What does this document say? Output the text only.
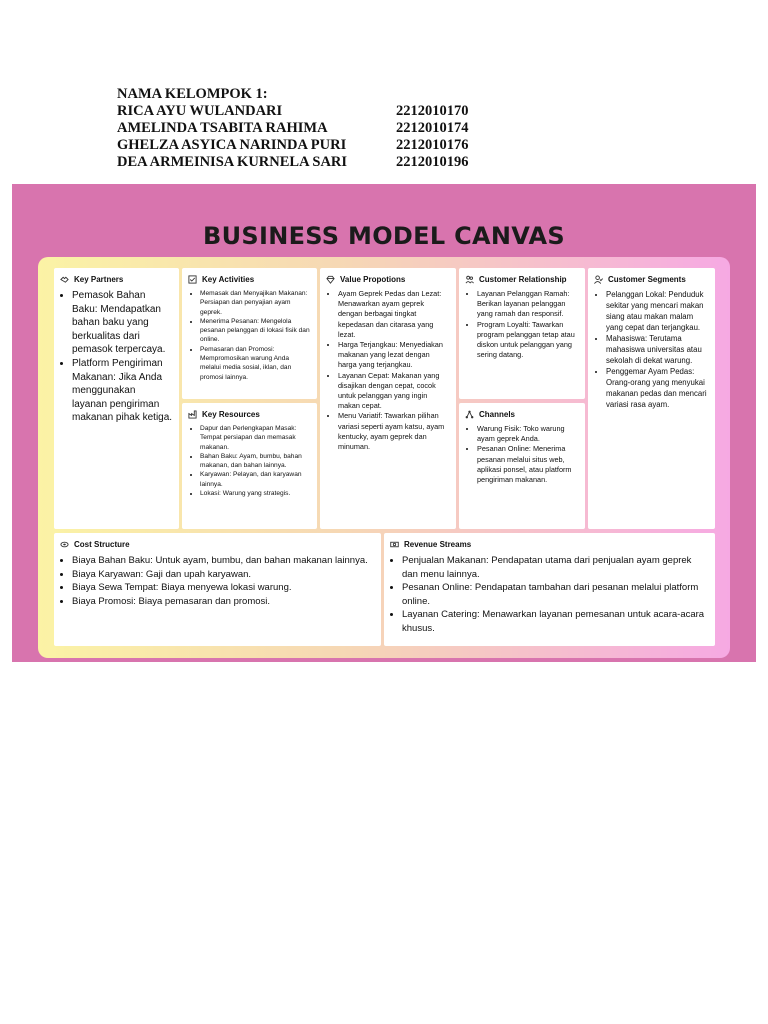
NAMA KELOMPOK 1:
RICA AYU WULANDARI	2212010170
AMELINDA TSABITA RAHIMA	2212010174
GHELZA ASYICA NARINDA PURI	2212010176
DEA ARMEINISA KURNELA SARI	2212010196
BUSINESS MODEL CANVAS
Key Partners
• Pemasok Bahan Baku: Mendapatkan bahan baku yang berkualitas dari pemasok terpercaya.
• Platform Pengiriman Makanan: Jika Anda menggunakan layanan pengiriman makanan pihak ketiga.
Key Activities
• Memasak dan Menyajikan Makanan: Persiapan dan penyajian ayam geprek.
• Menerima Pesanan: Mengelola pesanan pelanggan di lokasi fisik dan online.
• Pemasaran dan Promosi: Mempromosikan warung Anda melalui media sosial, iklan, dan promosi lainnya.
Key Resources
• Dapur dan Perlengkapan Masak: Tempat persiapan dan memasak makanan.
• Bahan Baku: Ayam, bumbu, bahan makanan, dan bahan lainnya.
• Karyawan: Pelayan, dan karyawan lainnya.
• Lokasi: Warung yang strategis.
Value Propotions
• Ayam Geprek Pedas dan Lezat: Menawarkan ayam geprek dengan berbagai tingkat kepedasan dan citarasa yang lezat.
• Harga Terjangkau: Menyediakan makanan yang lezat dengan harga yang terjangkau.
• Layanan Cepat: Makanan yang disajikan dengan cepat, cocok untuk pelanggan yang ingin makan cepat.
• Menu Variatif: Tawarkan pilihan variasi seperti ayam katsu, ayam kentucky, ayam geprek dan minuman.
Customer Relationship
• Layanan Pelanggan Ramah: Berikan layanan pelanggan yang ramah dan responsif.
• Program Loyalti: Tawarkan program pelanggan tetap atau diskon untuk pelanggan yang sering datang.
Channels
• Warung Fisik: Toko warung ayam geprek Anda.
• Pesanan Online: Menerima pesanan melalui situs web, aplikasi ponsel, atau platform pengiriman makanan.
Customer Segments
• Pelanggan Lokal: Penduduk sekitar yang mencari makan siang atau makan malam yang cepat dan terjangkau.
• Mahasiswa: Terutama mahasiswa universitas atau sekolah di dekat warung.
• Penggemar Ayam Pedas: Orang-orang yang menyukai makanan pedas dan mencari variasi rasa ayam.
Cost Structure
• Biaya Bahan Baku: Untuk ayam, bumbu, dan bahan makanan lainnya.
• Biaya Karyawan: Gaji dan upah karyawan.
• Biaya Sewa Tempat: Biaya menyewa lokasi warung.
• Biaya Promosi: Biaya pemasaran dan promosi.
Revenue Streams
• Penjualan Makanan: Pendapatan utama dari penjualan ayam geprek dan menu lainnya.
• Pesanan Online: Pendapatan tambahan dari pesanan melalui platform online.
• Layanan Catering: Menawarkan layanan pemesanan untuk acara-acara khusus.
